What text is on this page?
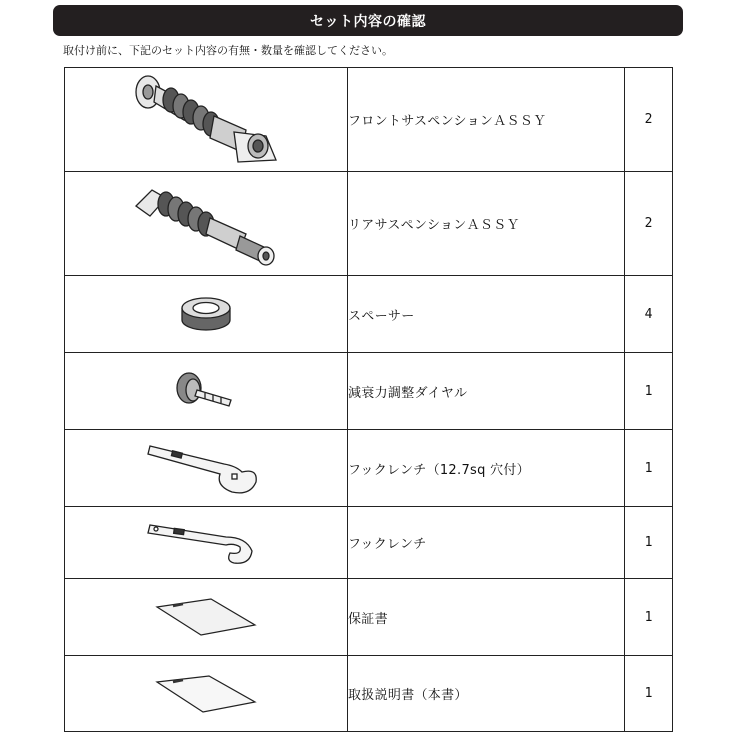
セット内容の確認
取付け前に、下記のセット内容の有無・数量を確認してください。
	フロントサスペンションＡＳＳＹ	2

	リアサスペンションＡＳＳＹ	2

	スペーサー	4

	減衰力調整ダイヤル	1

	フックレンチ（12.7sq 穴付）	1

	フックレンチ	1

	保証書	1

	取扱説明書（本書）	1
